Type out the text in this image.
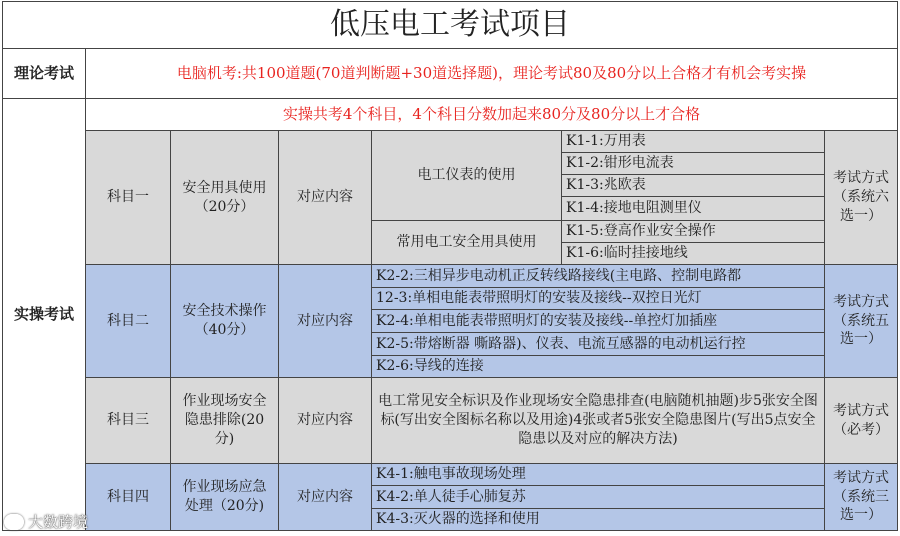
低压电工考试项目
理论考试	电脑机考:共100道题(70道判断题+30道选择题)，理论考试80及80分以上合格才有机会考实操
实操考试
实操共考4个科目，4个科目分数加起来80分及80分以上才合格
科目一
安全用具使用（20分）
对应内容
电工仪表的使用
常用电工安全用具使用
K1-1:万用表
K1-2:钳形电流表
K1-3:兆欧表
K1-4:接地电阻测里仪
K1-5:登高作业安全操作
K1-6:临时挂接地线
考试方式（系统六选一）
科目二
安全技术操作（40分）
对应内容
K2-2:三相异步电动机正反转线路接线(主电路、控制电路都
12-3:单相电能表带照明灯的安装及接线--双控日光灯
K2-4:单相电能表带照明灯的安装及接线--单控灯加插座
K2-5:带熔断器 嘶路器)、仪表、电流互感器的电动机运行控
K2-6:导线的连接
考试方式（系统五选一）
科目三
作业现场安全隐患排除(20分)
对应内容
电工常见安全标识及作业现场安全隐患排查(电脑随机抽题)步5张安全图标(写出安全图标名称以及用途)4张或者5张安全隐患图片(写出5点安全隐患以及对应的解决方法)
考试方式（必考）
科目四
作业现场应急处理（20分)
对应内容
K4-1:触电事故现场处理
K4-2:单人徒手心肺复苏
K4-3:灭火器的选择和使用
考试方式（系统三选一）
大数跨境
